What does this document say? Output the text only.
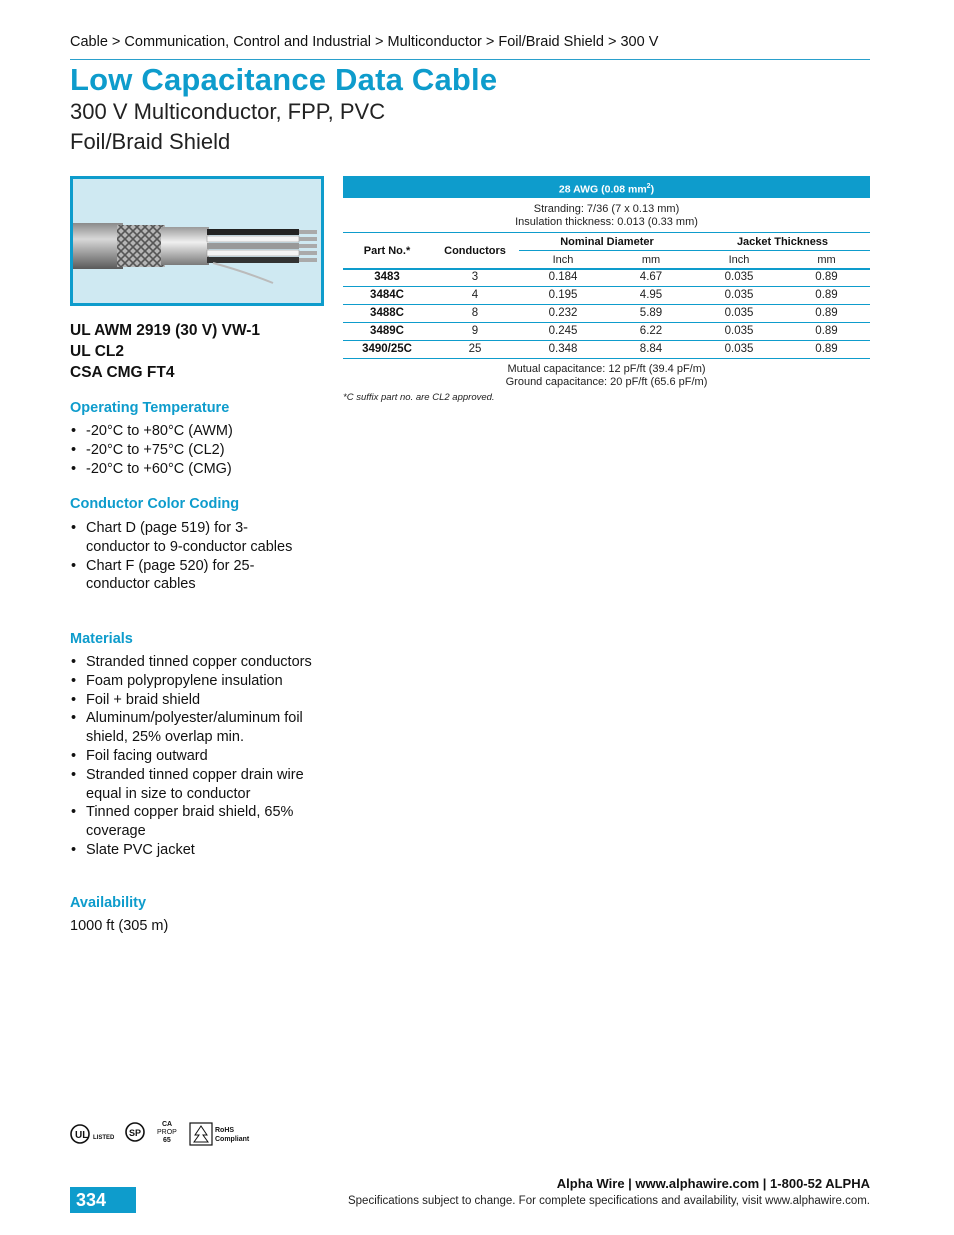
Cable > Communication, Control and Industrial > Multiconductor > Foil/Braid Shield > 300 V
Low Capacitance Data Cable
300 V Multiconductor, FPP, PVC
Foil/Braid Shield
UL AWM 2919 (30 V) VW-1
UL CL2
CSA CMG FT4
Operating Temperature
• -20°C to +80°C (AWM)
• -20°C to +75°C (CL2)
• -20°C to +60°C (CMG)
Conductor Color Coding
• Chart D (page 519) for 3-conductor to 9-conductor cables
• Chart F (page 520) for 25-conductor cables
Materials
• Stranded tinned copper conductors
• Foam polypropylene insulation
• Foil + braid shield
• Aluminum/polyester/aluminum foil shield, 25% overlap min.
• Foil facing outward
• Stranded tinned copper drain wire equal in size to conductor
• Tinned copper braid shield, 65% coverage
• Slate PVC jacket
Availability
1000 ft (305 m)
28 AWG (0.08 $mm^2$)
Stranding: 7/36 (7 x 0.13 mm)
Insulation thickness: 0.013 (0.33 mm)
Part No.*	Conductors
Nominal Diameter	Jacket Thickness
Inch	mm	Inch	mm
3483	3	0.184	4.67	0.035	0.89
3484C	4	0.195	4.95	0.035	0.89
3488C	8	0.232	5.89	0.035	0.89
3489C	9	0.245	6.22	0.035	0.89
3490/25C	25	0.348	8.84	0.035	0.89
Mutual capacitance: 12 pF/ft (39.4 pF/m)
Ground capacitance: 20 pF/ft (65.6 pF/m)
*C suffix part no. are CL2 approved.
UL LISTED SP
CA
PROP
65
RoHS
Compliant
334
Alpha Wire | www.alphawire.com | 1-800-52 ALPHA
Specifications subject to change. For complete specifications and availability, visit www.alphawire.com.
